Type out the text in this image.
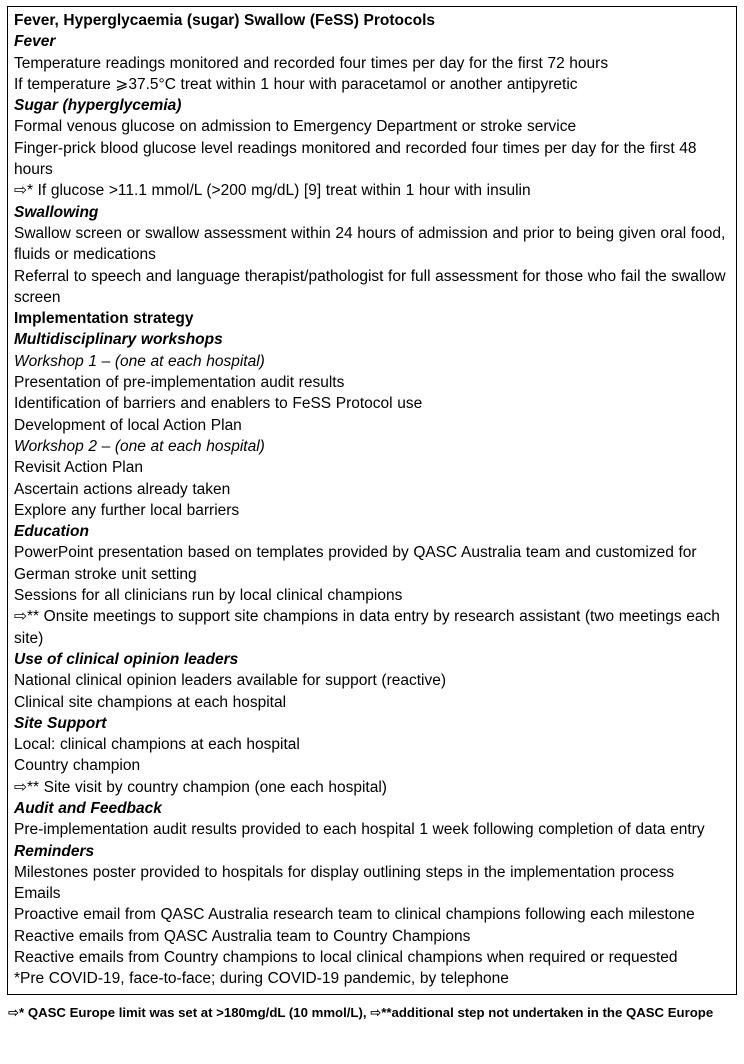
Fever, Hyperglycaemia (sugar) Swallow (FeSS) Protocols
Fever
Temperature readings monitored and recorded four times per day for the first 72 hours
If temperature ⩾37.5°C treat within 1 hour with paracetamol or another antipyretic
Sugar (hyperglycemia)
Formal venous glucose on admission to Emergency Department or stroke service
Finger-prick blood glucose level readings monitored and recorded four times per day for the first 48 hours
⇨* If glucose >11.1 mmol/L (>200 mg/dL) [9] treat within 1 hour with insulin
Swallowing
Swallow screen or swallow assessment within 24 hours of admission and prior to being given oral food, fluids or medications
Referral to speech and language therapist/pathologist for full assessment for those who fail the swallow screen
Implementation strategy
Multidisciplinary workshops
Workshop 1 – (one at each hospital)
Presentation of pre-implementation audit results
Identification of barriers and enablers to FeSS Protocol use
Development of local Action Plan
Workshop 2 – (one at each hospital)
Revisit Action Plan
Ascertain actions already taken
Explore any further local barriers
Education
PowerPoint presentation based on templates provided by QASC Australia team and customized for German stroke unit setting
Sessions for all clinicians run by local clinical champions
⇨** Onsite meetings to support site champions in data entry by research assistant (two meetings each site)
Use of clinical opinion leaders
National clinical opinion leaders available for support (reactive)
Clinical site champions at each hospital
Site Support
Local: clinical champions at each hospital
Country champion
⇨** Site visit by country champion (one each hospital)
Audit and Feedback
Pre-implementation audit results provided to each hospital 1 week following completion of data entry
Reminders
Milestones poster provided to hospitals for display outlining steps in the implementation process
Emails
Proactive email from QASC Australia research team to clinical champions following each milestone
Reactive emails from QASC Australia team to Country Champions
Reactive emails from Country champions to local clinical champions when required or requested
*Pre COVID-19, face-to-face; during COVID-19 pandemic, by telephone
⇨* QASC Europe limit was set at >180mg/dL (10 mmol/L), ⇨**additional step not undertaken in the QASC Europe
